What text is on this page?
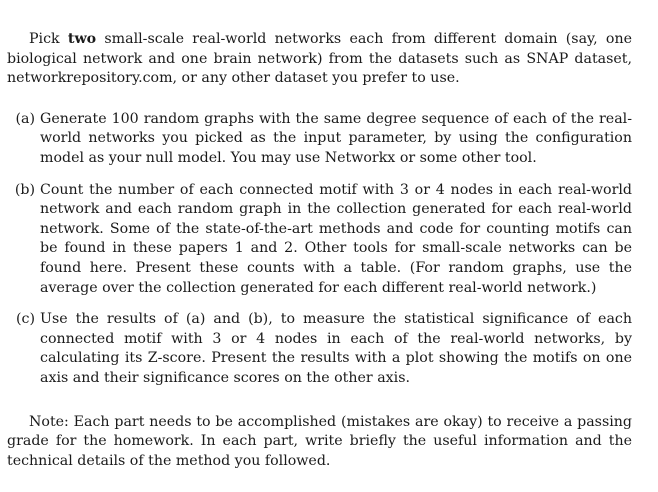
Pick two small-scale real-world networks each from different domain (say, one biological network and one brain network) from the datasets such as SNAP dataset, networkrepository.com, or any other dataset you prefer to use.

(a) Generate 100 random graphs with the same degree sequence of each of the real-world networks you picked as the input parameter, by using the configuration model as your null model. You may use Networkx or some other tool.

(b) Count the number of each connected motif with 3 or 4 nodes in each real-world network and each random graph in the collection generated for each real-world network. Some of the state-of-the-art methods and code for counting motifs can be found in these papers 1 and 2. Other tools for small-scale networks can be found here. Present these counts with a table. (For random graphs, use the average over the collection generated for each different real-world network.)

(c) Use the results of (a) and (b), to measure the statistical significance of each connected motif with 3 or 4 nodes in each of the real-world networks, by calculating its Z-score. Present the results with a plot showing the motifs on one axis and their significance scores on the other axis.

Note: Each part needs to be accomplished (mistakes are okay) to receive a passing grade for the homework. In each part, write briefly the useful information and the technical details of the method you followed.
